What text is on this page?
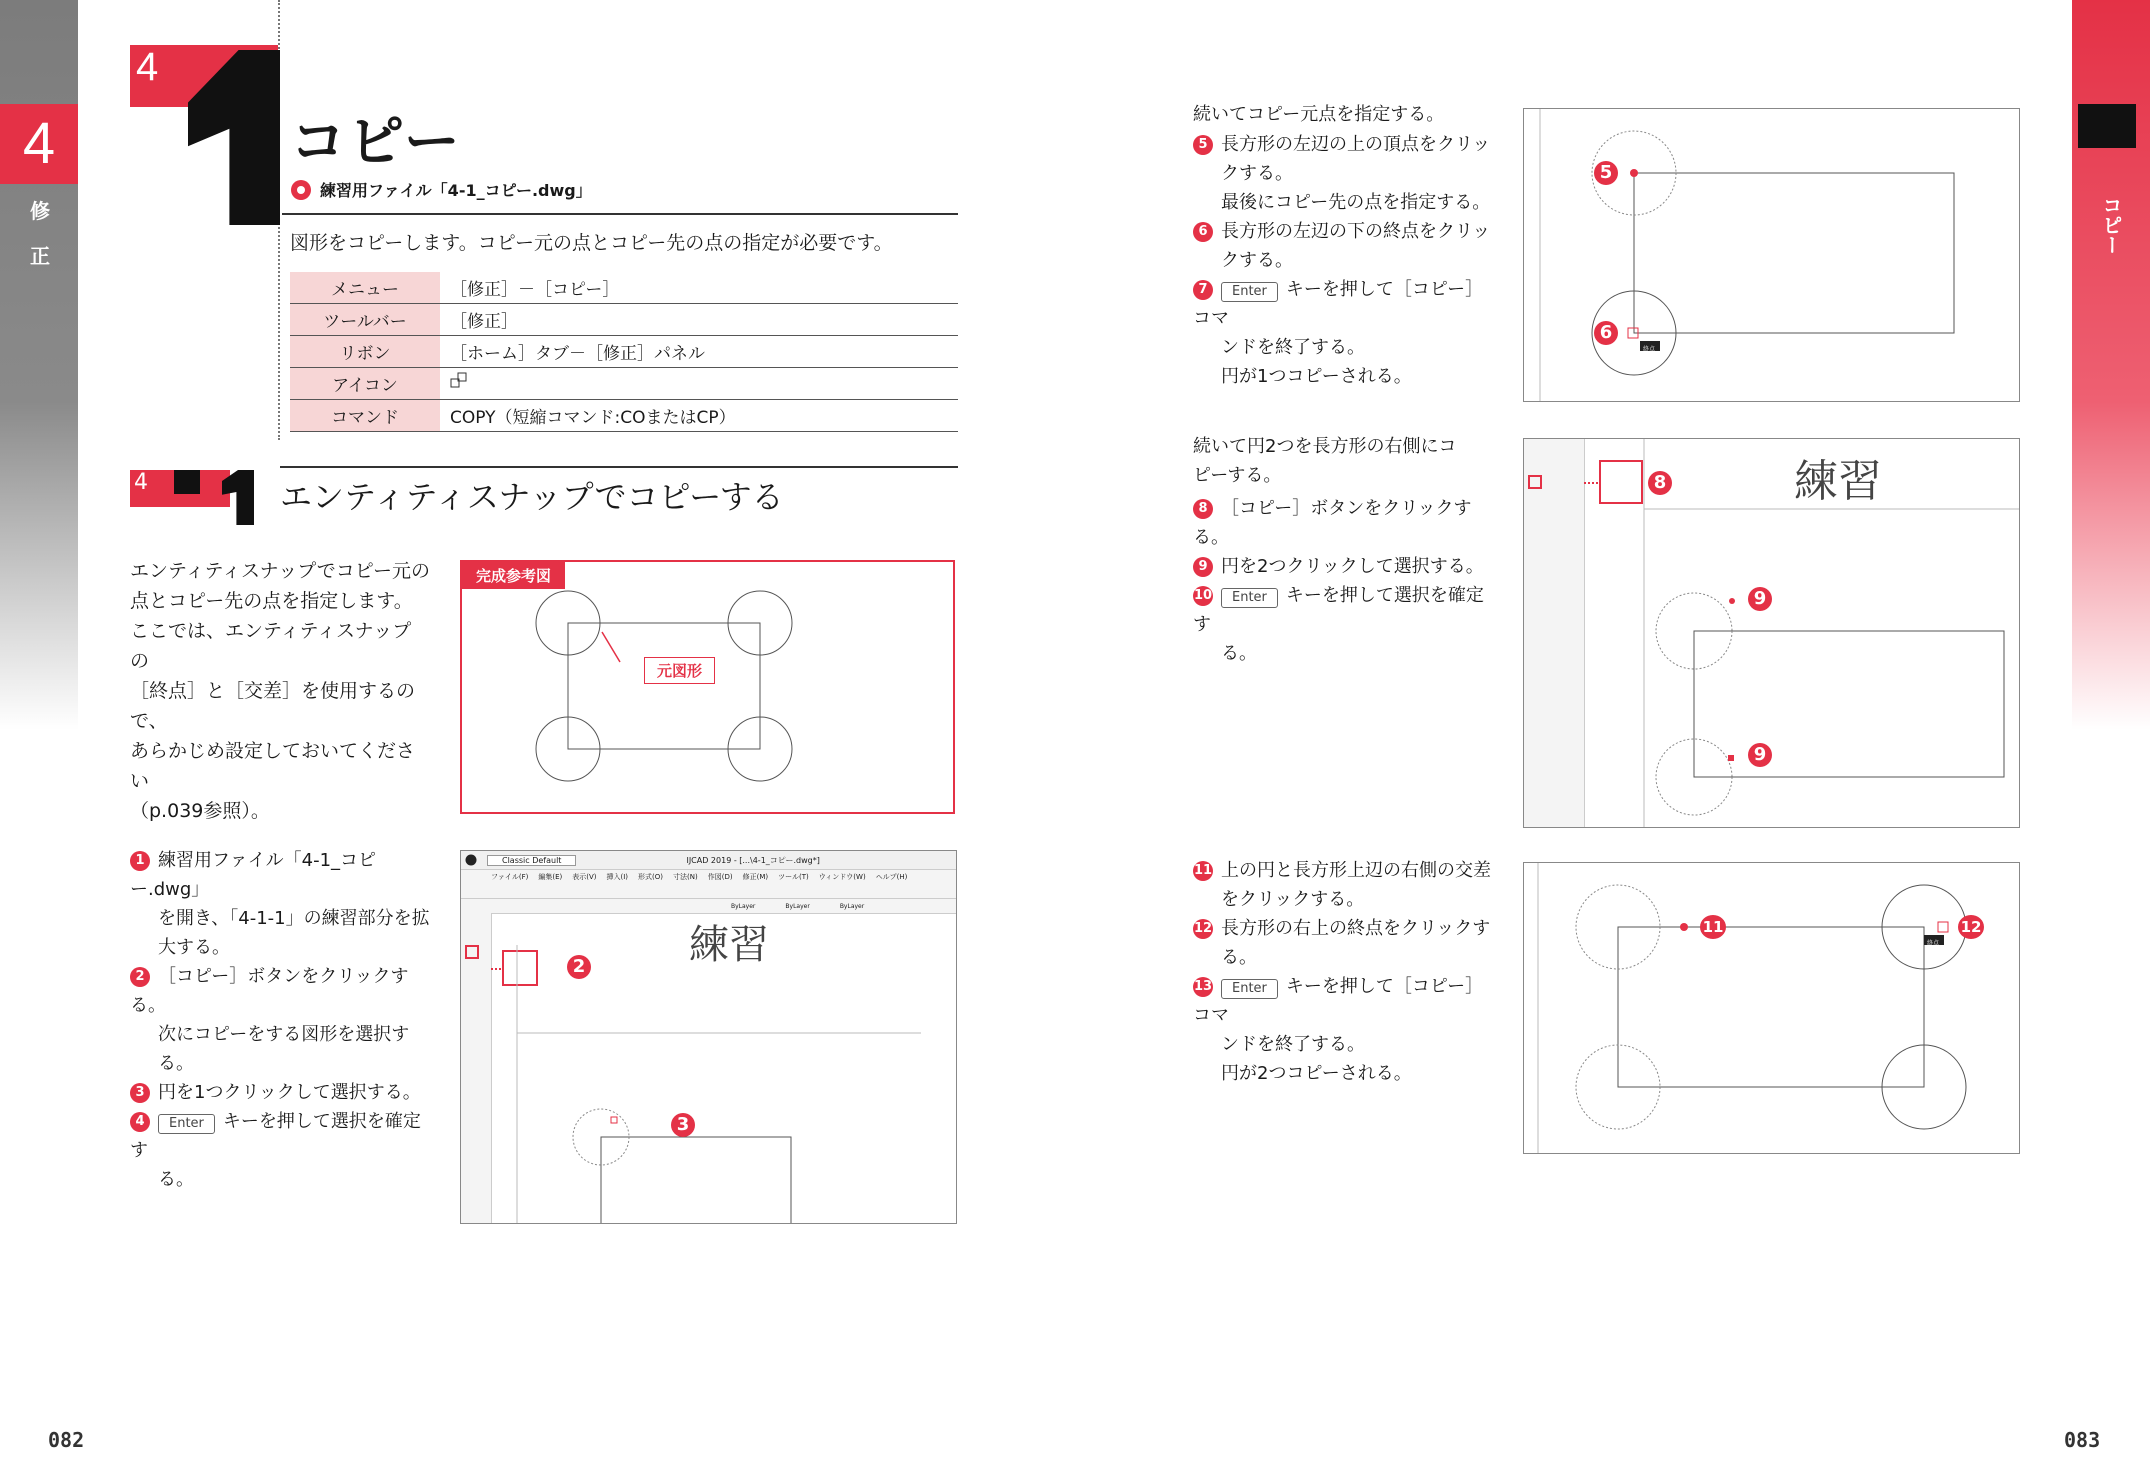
4
修
正
コピー
4
コピー
練習用ファイル「4-1_コピー.dwg」
図形をコピーします。コピー元の点とコピー先の点の指定が必要です。
メニュー	［修正］－［コピー］
ツールバー	［修正］
リボン	［ホーム］タブ－［修正］パネル
アイコン	
コマンド	COPY（短縮コマンド:COまたはCP）
4	エンティティスナップでコピーする
エンティティスナップでコピー元の
点とコピー先の点を指定します。
ここでは、エンティティスナップの
［終点］と［交差］を使用するので、
あらかじめ設定しておいてください
（p.039参照）。
完成参考図
元図形
1 練習用ファイル「4-1_コピー.dwg」
を開き、「4-1-1」の練習部分を拡
大する。
2 ［コピー］ボタンをクリックする。
次にコピーをする図形を選択する。
3 円を1つクリックして選択する。
4 Enter キーを押して選択を確定す
る。
Classic Default	IJCAD 2019 - [...\4-1_コピー.dwg*]
ファイル(F) 編集(E) 表示(V) 挿入(I) 形式(O) 寸法(N) 作図(D) 修正(M) ツール(T) ウィンドウ(W) ヘルプ(H)
ByLayer	ByLayer	ByLayer
練習
2
3
続いてコピー元点を指定する。
5 長方形の左辺の上の頂点をクリッ
クする。
最後にコピー先の点を指定する。
6 長方形の左辺の下の終点をクリッ
クする。
7 Enter キーを押して［コピー］コマ
ンドを終了する。
円が1つコピーされる。
終点
5
6
続いて円2つを長方形の右側にコ
ピーする。
8 ［コピー］ボタンをクリックする。
9 円を2つクリックして選択する。
10 Enter キーを押して選択を確定す
る。
練習
8
9
9
11 上の円と長方形上辺の右側の交差
をクリックする。
12 長方形の右上の終点をクリックす
る。
13 Enter キーを押して［コピー］コマ
ンドを終了する。
円が2つコピーされる。
終点
11	12
082	083
